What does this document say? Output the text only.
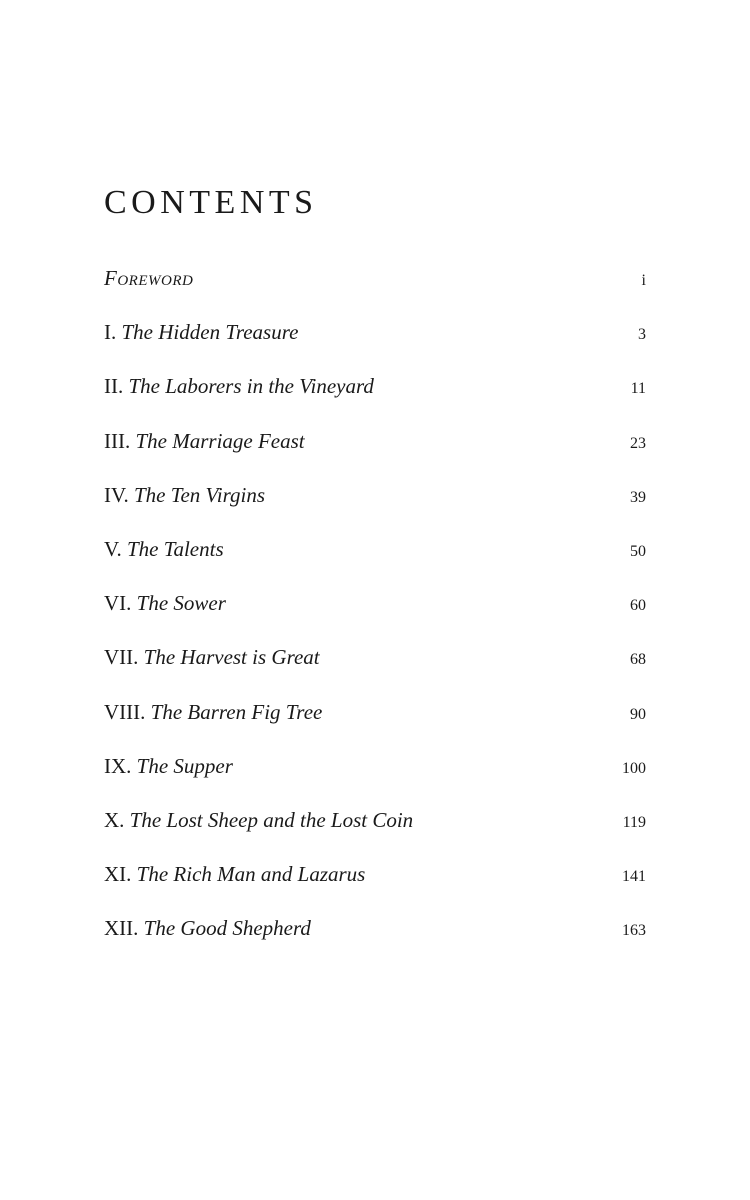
CONTENTS
Foreword	i
I. The Hidden Treasure	3
II. The Laborers in the Vineyard	11
III. The Marriage Feast	23
IV. The Ten Virgins	39
V. The Talents	50
VI. The Sower	60
VII. The Harvest is Great	68
VIII. The Barren Fig Tree	90
IX. The Supper	100
X. The Lost Sheep and the Lost Coin	119
XI. The Rich Man and Lazarus	141
XII. The Good Shepherd	163
